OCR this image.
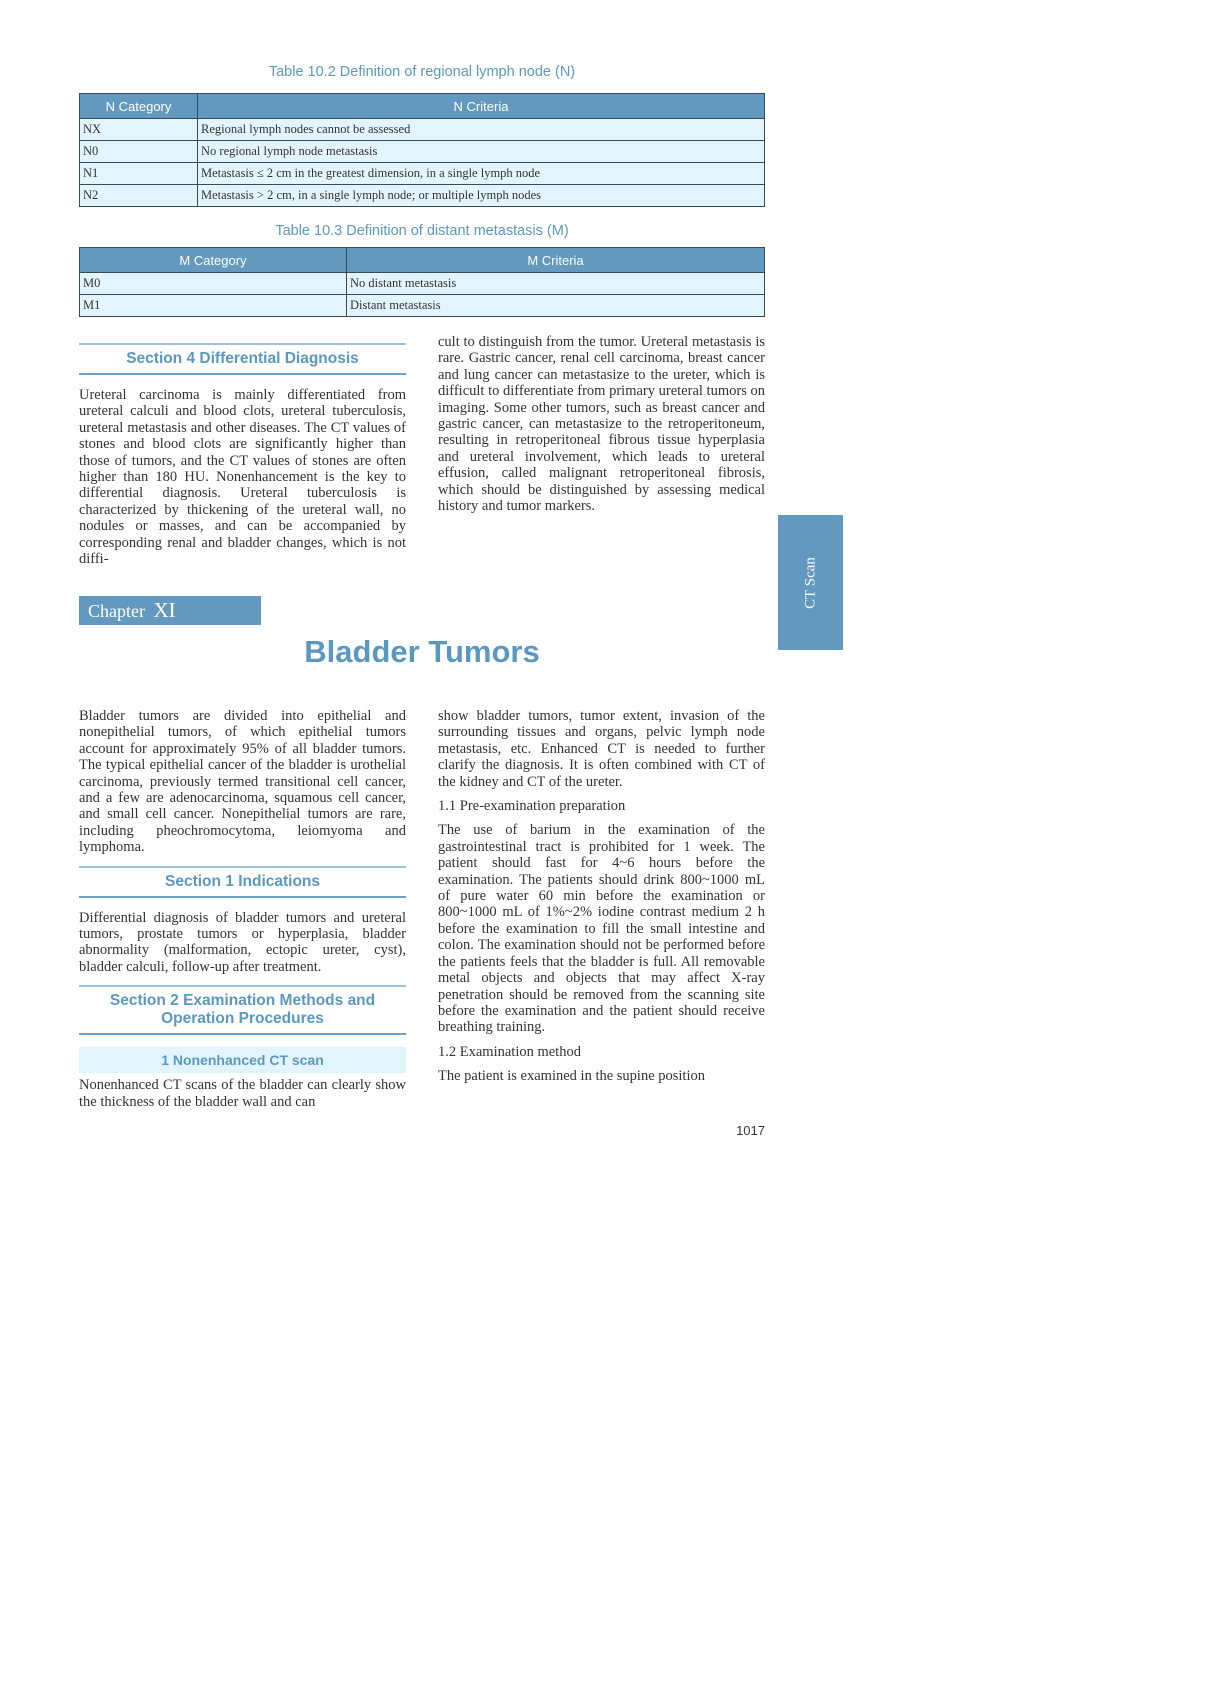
Table 10.2 Definition of regional lymph node (N)
N Category	N Criteria
NX	Regional lymph nodes cannot be assessed
N0	No regional lymph node metastasis
N1	Metastasis ≤ 2 cm in the greatest dimension, in a single lymph node
N2	Metastasis > 2 cm, in a single lymph node; or multiple lymph nodes
Table 10.3 Definition of distant metastasis (M)
M Category	M Criteria
M0	No distant metastasis
M1	Distant metastasis
Section 4 Differential Diagnosis

Ureteral carcinoma is mainly differentiated from ureteral calculi and blood clots, ureteral tuberculosis, ureteral metastasis and other diseases. The CT values of stones and blood clots are significantly higher than those of tumors, and the CT values of stones are often higher than 180 HU. Nonenhancement is the key to differential diagnosis. Ureteral tuberculosis is characterized by thickening of the ureteral wall, no nodules or masses, and can be accompanied by corresponding renal and bladder changes, which is not diffi-

cult to distinguish from the tumor. Ureteral metastasis is rare. Gastric cancer, renal cell carcinoma, breast cancer and lung cancer can metastasize to the ureter, which is difficult to differentiate from primary ureteral tumors on imaging. Some other tumors, such as breast cancer and gastric cancer, can metastasize to the retroperitoneum, resulting in retroperitoneal fibrous tissue hyperplasia and ureteral involvement, which leads to ureteral effusion, called malignant retroperitoneal fibrosis, which should be distinguished by assessing medical history and tumor markers.

CT Scan
Chapter XI
Bladder Tumors

Bladder tumors are divided into epithelial and nonepithelial tumors, of which epithelial tumors account for approximately 95% of all bladder tumors. The typical epithelial cancer of the bladder is urothelial carcinoma, previously termed transitional cell cancer, and a few are adenocarcinoma, squamous cell cancer, and small cell cancer. Nonepithelial tumors are rare, including pheochromocytoma, leiomyoma and lymphoma.

Section 1 Indications

Differential diagnosis of bladder tumors and ureteral tumors, prostate tumors or hyperplasia, bladder abnormality (malformation, ectopic ureter, cyst), bladder calculi, follow-up after treatment.

Section 2 Examination Methods and Operation Procedures
1 Nonenhanced CT scan

Nonenhanced CT scans of the bladder can clearly show the thickness of the bladder wall and can

show bladder tumors, tumor extent, invasion of the surrounding tissues and organs, pelvic lymph node metastasis, etc. Enhanced CT is needed to further clarify the diagnosis. It is often combined with CT of the kidney and CT of the ureter.

1.1 Pre-examination preparation

The use of barium in the examination of the gastrointestinal tract is prohibited for 1 week. The patient should fast for 4~6 hours before the examination. The patients should drink 800~1000 mL of pure water 60 min before the examination or 800~1000 mL of 1%~2% iodine contrast medium 2 h before the examination to fill the small intestine and colon. The examination should not be performed before the patients feels that the bladder is full. All removable metal objects and objects that may affect X-ray penetration should be removed from the scanning site before the examination and the patient should receive breathing training.

1.2 Examination method

The patient is examined in the supine position

1017
